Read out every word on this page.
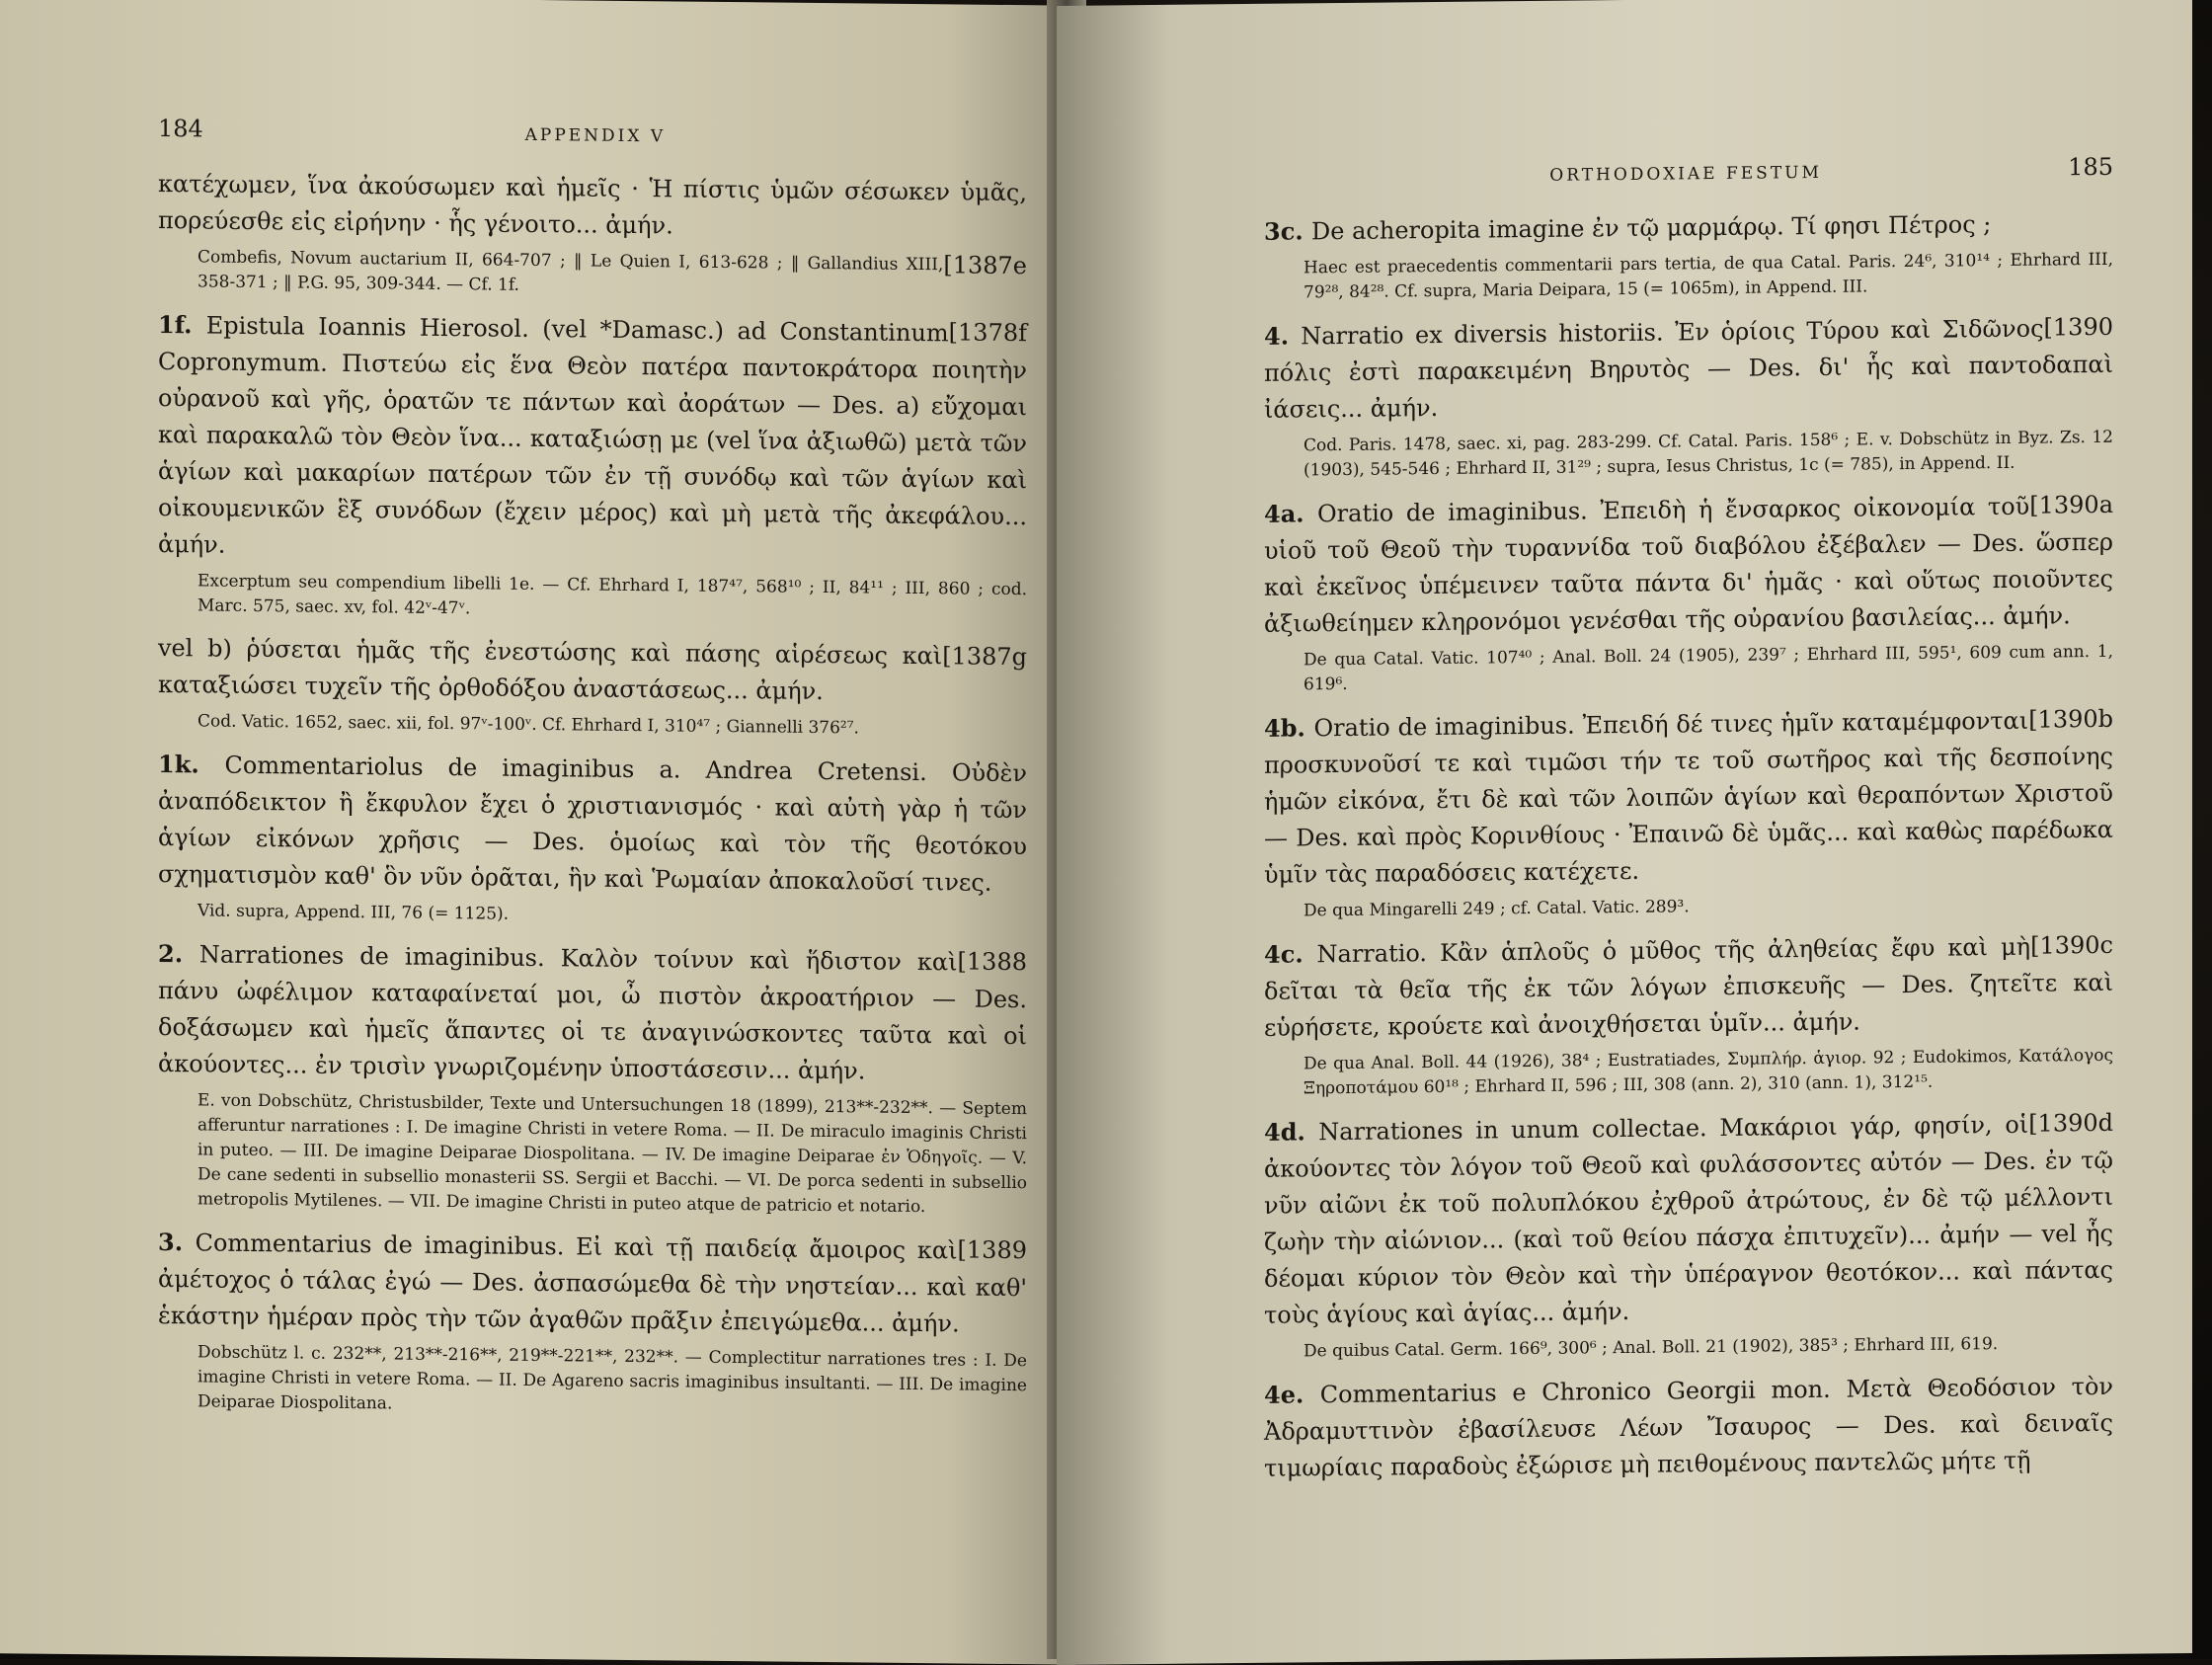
184	APPENDIX V

κατέχωμεν, ἵνα ἀκούσωμεν καὶ ἡμεῖς · Ἡ πίστις ὑμῶν σέσωκεν ὑμᾶς, πορεύεσθε εἰς εἰρήνην · ἧς γένοιτο... ἀμήν.

[1387e
Combefis, Novum auctarium II, 664-707 ; ‖ Le Quien I, 613-628 ; ‖ Gallandius XIII, 358-371 ; ‖ P.G. 95, 309-344. — Cf. 1f.

[1378f
1f. Epistula Ioannis Hierosol. (vel *Damasc.) ad Constantinum Copronymum. Πιστεύω εἰς ἕνα Θεὸν πατέρα παντοκράτορα ποιητὴν οὐρανοῦ καὶ γῆς, ὁρατῶν τε πάντων καὶ ἀοράτων — Des. a) εὔχομαι καὶ παρακαλῶ τὸν Θεὸν ἵνα... καταξιώσῃ με (vel ἵνα ἀξιωθῶ) μετὰ τῶν ἁγίων καὶ μακαρίων πατέρων τῶν ἐν τῇ συνόδῳ καὶ τῶν ἁγίων καὶ οἰκουμενικῶν ἓξ συνόδων (ἔχειν μέρος) καὶ μὴ μετὰ τῆς ἀκεφάλου... ἀμήν.

Excerptum seu compendium libelli 1e. — Cf. Ehrhard I, 187⁴⁷, 568¹⁰ ; II, 84¹¹ ; III, 860 ; cod. Marc. 575, saec. xv, fol. 42ᵛ-47ᵛ.

[1387g
vel b) ῥύσεται ἡμᾶς τῆς ἐνεστώσης καὶ πάσης αἱρέσεως καὶ καταξιώσει τυχεῖν τῆς ὀρθοδόξου ἀναστάσεως... ἀμήν.

Cod. Vatic. 1652, saec. xii, fol. 97ᵛ-100ᵛ. Cf. Ehrhard I, 310⁴⁷ ; Giannelli 376²⁷.

1k. Commentariolus de imaginibus a. Andrea Cretensi. Οὐδὲν ἀναπόδεικτον ἢ ἔκφυλον ἔχει ὁ χριστιανισμός · καὶ αὐτὴ γὰρ ἡ τῶν ἁγίων εἰκόνων χρῆσις — Des. ὁμοίως καὶ τὸν τῆς θεοτόκου σχηματισμὸν καθ' ὃν νῦν ὁρᾶται, ἣν καὶ Ῥωμαίαν ἀποκαλοῦσί τινες.

Vid. supra, Append. III, 76 (= 1125).

[1388
2. Narrationes de imaginibus. Καλὸν τοίνυν καὶ ἥδιστον καὶ πάνυ ὠφέλιμον καταφαίνεταί μοι, ὦ πιστὸν ἀκροατήριον — Des. δοξάσωμεν καὶ ἡμεῖς ἅπαντες οἱ τε ἀναγινώσκοντες ταῦτα καὶ οἱ ἀκούοντες... ἐν τρισὶν γνωριζομένην ὑποστάσεσιν... ἀμήν.

E. von Dobschütz, Christusbilder, Texte und Untersuchungen 18 (1899), 213**-232**. — Septem afferuntur narrationes : I. De imagine Christi in vetere Roma. — II. De miraculo imaginis Christi in puteo. — III. De imagine Deiparae Diospolitana. — IV. De imagine Deiparae ἐν Ὁδηγοῖς. — V. De cane sedenti in subsellio monasterii SS. Sergii et Bacchi. — VI. De porca sedenti in subsellio metropolis Mytilenes. — VII. De imagine Christi in puteo atque de patricio et notario.

[1389
3. Commentarius de imaginibus. Εἰ καὶ τῇ παιδείᾳ ἄμοιρος καὶ ἀμέτοχος ὁ τάλας ἐγώ — Des. ἀσπασώμεθα δὲ τὴν νηστείαν... καὶ καθ' ἑκάστην ἡμέραν πρὸς τὴν τῶν ἀγαθῶν πρᾶξιν ἐπειγώμεθα... ἀμήν.

Dobschütz l. c. 232**, 213**-216**, 219**-221**, 232**. — Complectitur narrationes tres : I. De imagine Christi in vetere Roma. — II. De Agareno sacris imaginibus insultanti. — III. De imagine Deiparae Diospolitana.

ORTHODOXIAE FESTUM	185

3c. De acheropita imagine ἐν τῷ μαρμάρῳ. Τί φησι Πέτρος ;

Haec est praecedentis commentarii pars tertia, de qua Catal. Paris. 24⁶, 310¹⁴ ; Ehrhard III, 79²⁸, 84²⁸. Cf. supra, Maria Deipara, 15 (= 1065m), in Append. III.

[1390
4. Narratio ex diversis historiis. Ἐν ὁρίοις Τύρου καὶ Σιδῶνος πόλις ἐστὶ παρακειμένη Βηρυτὸς — Des. δι' ἧς καὶ παντοδαπαὶ ἰάσεις... ἀμήν.

Cod. Paris. 1478, saec. xi, pag. 283-299. Cf. Catal. Paris. 158⁶ ; E. v. Dobschütz in Byz. Zs. 12 (1903), 545-546 ; Ehrhard II, 31²⁹ ; supra, Iesus Christus, 1c (= 785), in Append. II.

[1390a
4a. Oratio de imaginibus. Ἐπειδὴ ἡ ἔνσαρκος οἰκονομία τοῦ υἱοῦ τοῦ Θεοῦ τὴν τυραννίδα τοῦ διαβόλου ἐξέβαλεν — Des. ὥσπερ καὶ ἐκεῖνος ὑπέμεινεν ταῦτα πάντα δι' ἡμᾶς · καὶ οὕτως ποιοῦντες ἀξιωθείημεν κληρονόμοι γενέσθαι τῆς οὐρανίου βασιλείας... ἀμήν.

De qua Catal. Vatic. 107⁴⁰ ; Anal. Boll. 24 (1905), 239⁷ ; Ehrhard III, 595¹, 609 cum ann. 1, 619⁶.

[1390b
4b. Oratio de imaginibus. Ἐπειδή δέ τινες ἡμῖν καταμέμφονται προσκυνοῦσί τε καὶ τιμῶσι τήν τε τοῦ σωτῆρος καὶ τῆς δεσποίνης ἡμῶν εἰκόνα, ἔτι δὲ καὶ τῶν λοιπῶν ἁγίων καὶ θεραπόντων Χριστοῦ — Des. καὶ πρὸς Κορινθίους · Ἐπαινῶ δὲ ὑμᾶς... καὶ καθὼς παρέδωκα ὑμῖν τὰς παραδόσεις κατέχετε.

De qua Mingarelli 249 ; cf. Catal. Vatic. 289³.

[1390c
4c. Narratio. Κἂν ἁπλοῦς ὁ μῦθος τῆς ἀληθείας ἔφυ καὶ μὴ δεῖται τὰ θεῖα τῆς ἐκ τῶν λόγων ἐπισκευῆς — Des. ζητεῖτε καὶ εὑρήσετε, κρούετε καὶ ἀνοιχθήσεται ὑμῖν... ἀμήν.

De qua Anal. Boll. 44 (1926), 38⁴ ; Eustratiades, Συμπλήρ. ἁγιορ. 92 ; Eudokimos, Κατάλογος Ξηροποτάμου 60¹⁸ ; Ehrhard II, 596 ; III, 308 (ann. 2), 310 (ann. 1), 312¹⁵.

[1390d
4d. Narrationes in unum collectae. Μακάριοι γάρ, φησίν, οἱ ἀκούοντες τὸν λόγον τοῦ Θεοῦ καὶ φυλάσσοντες αὐτόν — Des. ἐν τῷ νῦν αἰῶνι ἐκ τοῦ πολυπλόκου ἐχθροῦ ἀτρώτους, ἐν δὲ τῷ μέλλοντι ζωὴν τὴν αἰώνιον... (καὶ τοῦ θείου πάσχα ἐπιτυχεῖν)... ἀμήν — vel ἧς δέομαι κύριον τὸν Θεὸν καὶ τὴν ὑπέραγνον θεοτόκον... καὶ πάντας τοὺς ἁγίους καὶ ἁγίας... ἀμήν.

De quibus Catal. Germ. 166⁹, 300⁶ ; Anal. Boll. 21 (1902), 385³ ; Ehrhard III, 619.

4e. Commentarius e Chronico Georgii mon. Μετὰ Θεοδόσιον τὸν Ἀδραμυττινὸν ἐβασίλευσε Λέων Ἴσαυρος — Des. καὶ δειναῖς τιμωρίαις παραδοὺς ἐξώρισε μὴ πειθομένους παντελῶς μήτε τῇ
